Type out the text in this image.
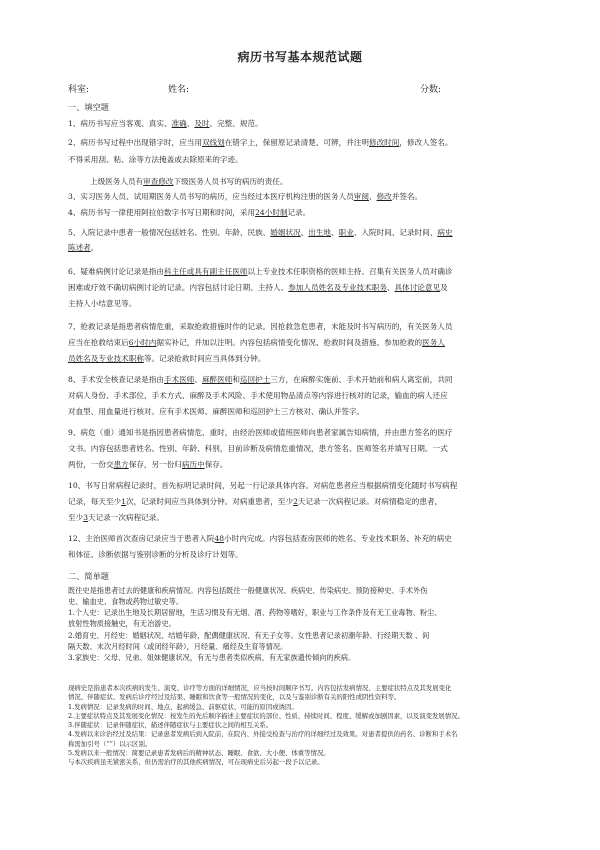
病历书写基本规范试题
科室:	姓名:	分数:
一、填空题
1、病历书写应当客观、真实、准确、及时、完整、规范。
2、病历书写过程中出现错字时，应当用双线划在错字上，保留原记录清楚、可辨，并注明修改时间，修改人签名。
不得采用刮、粘、涂等方法掩盖或去除原来的字迹。
上级医务人员有审查修改下级医务人员书写的病历的责任。
3、实习医务人员、试用期医务人员书写的病历，应当经过本医疗机构注册的医务人员审阅、修改并签名。
4、病历书写一律使用阿拉伯数字书写日期和时间，采用24小时制记录。
5、入院记录中患者一般情况包括姓名、性别、年龄、民族、婚姻状况、出生地、职业、入院时间、记录时间、病史
陈述者。
6、疑难病例讨论记录是指由科主任或具有副主任医师以上专业技术任职资格的医师主持、召集有关医务人员对确诊
困难或疗效不确切病例讨论的记录。内容包括讨论日期、主持人、参加人员姓名及专业技术职务、具体讨论意见及
主持人小结意见等。
7、抢救记录是指患者病情危重，采取抢救措施时作的记录。因抢救急危患者，未能及时书写病历的，有关医务人员
应当在抢救结束后6小时内据实补记，并加以注明。内容包括病情变化情况、抢救时间及措施、参加抢救的医务人
员姓名及专业技术职称等。记录抢救时间应当具体到分钟。
8、手术安全核查记录是指由手术医师、麻醉医师和巡回护士三方，在麻醉实施前、手术开始前和病人离室前，共同
对病人身份、手术部位、手术方式、麻醉及手术风险、手术使用物品清点等内容进行核对的记录，输血的病人还应
对血型、用血量进行核对。应有手术医师、麻醉医师和巡回护士三方核对、确认并签字。
9、病危（重）通知书是指因患者病情危、重时，由经治医师或值班医师向患者家属告知病情，并由患方签名的医疗
文书。内容包括患者姓名、性别、年龄、科别，目前诊断及病情危重情况，患方签名、医师签名并填写日期。一式
两份，一份交患方保存，另一份归病历中保存。
10、书写日常病程记录时，首先标明记录时间，另起一行记录具体内容。对病危患者应当根据病情变化随时书写病程
记录，每天至少1次，记录时间应当具体到分钟。对病重患者，至少2天记录一次病程记录。对病情稳定的患者，
至少3天记录一次病程记录。
12、主治医师首次查房记录应当于患者入院48小时内完成。内容包括查房医师的姓名、专业技术职务、补充的病史
和体征、诊断依据与鉴别诊断的分析及诊疗计划等。
二、简单题
既往史是指患者过去的健康和疾病情况。内容包括既往一般健康状况、疾病史、传染病史、预防接种史、手术外伤
史、输血史、食物或药物过敏史等。
1.个人史：记录出生地及长期居留地，生活习惯及有无烟、酒、药物等嗜好，职业与工作条件及有无工业毒物、粉尘、
放射性物质接触史，有无冶游史。
2.婚育史、月经史：婚姻状况、结婚年龄、配偶健康状况、有无子女等。女性患者记录初潮年龄、行经期天数 、间
隔天数、末次月经时间（或闭经年龄），月经量、痛经及生育等情况。
3.家族史：父母、兄弟、姐妹健康状况，有无与患者类似疾病，有无家族遗传倾向的疾病。
现病史是指患者本次疾病的发生、演变、诊疗等方面的详细情况，应当按时间顺序书写。内容包括发病情况、主要症状特点及其发展变化
情况、伴随症状、发病后诊疗经过及结果、睡眠和饮食等一般情况的变化，以及与鉴别诊断有关的阳性或阴性资料等。
1.发病情况：记录发病的时间、地点、起病缓急、前驱症状、可能的原因或诱因。
2.主要症状特点及其发展变化情况：按发生的先后顺序描述主要症状的部位、性质、持续时间、程度、缓解或加剧因素，以及演变发展情况。
3.伴随症状：记录伴随症状，描述伴随症状与主要症状之间的相互关系。
4.发病以来诊治经过及结果：记录患者发病后到入院前，在院内、外接受检查与治疗的详细经过及效果。对患者提供的药名、诊断和手术名
称需加引号（“”）以示区别。
5.发病以来一般情况：简要记录患者发病后的精神状态、睡眠、食欲、大小便、体重等情况。
与本次疾病虽无紧密关系、但仍需治疗的其他疾病情况，可在现病史后另起一段予以记录。
